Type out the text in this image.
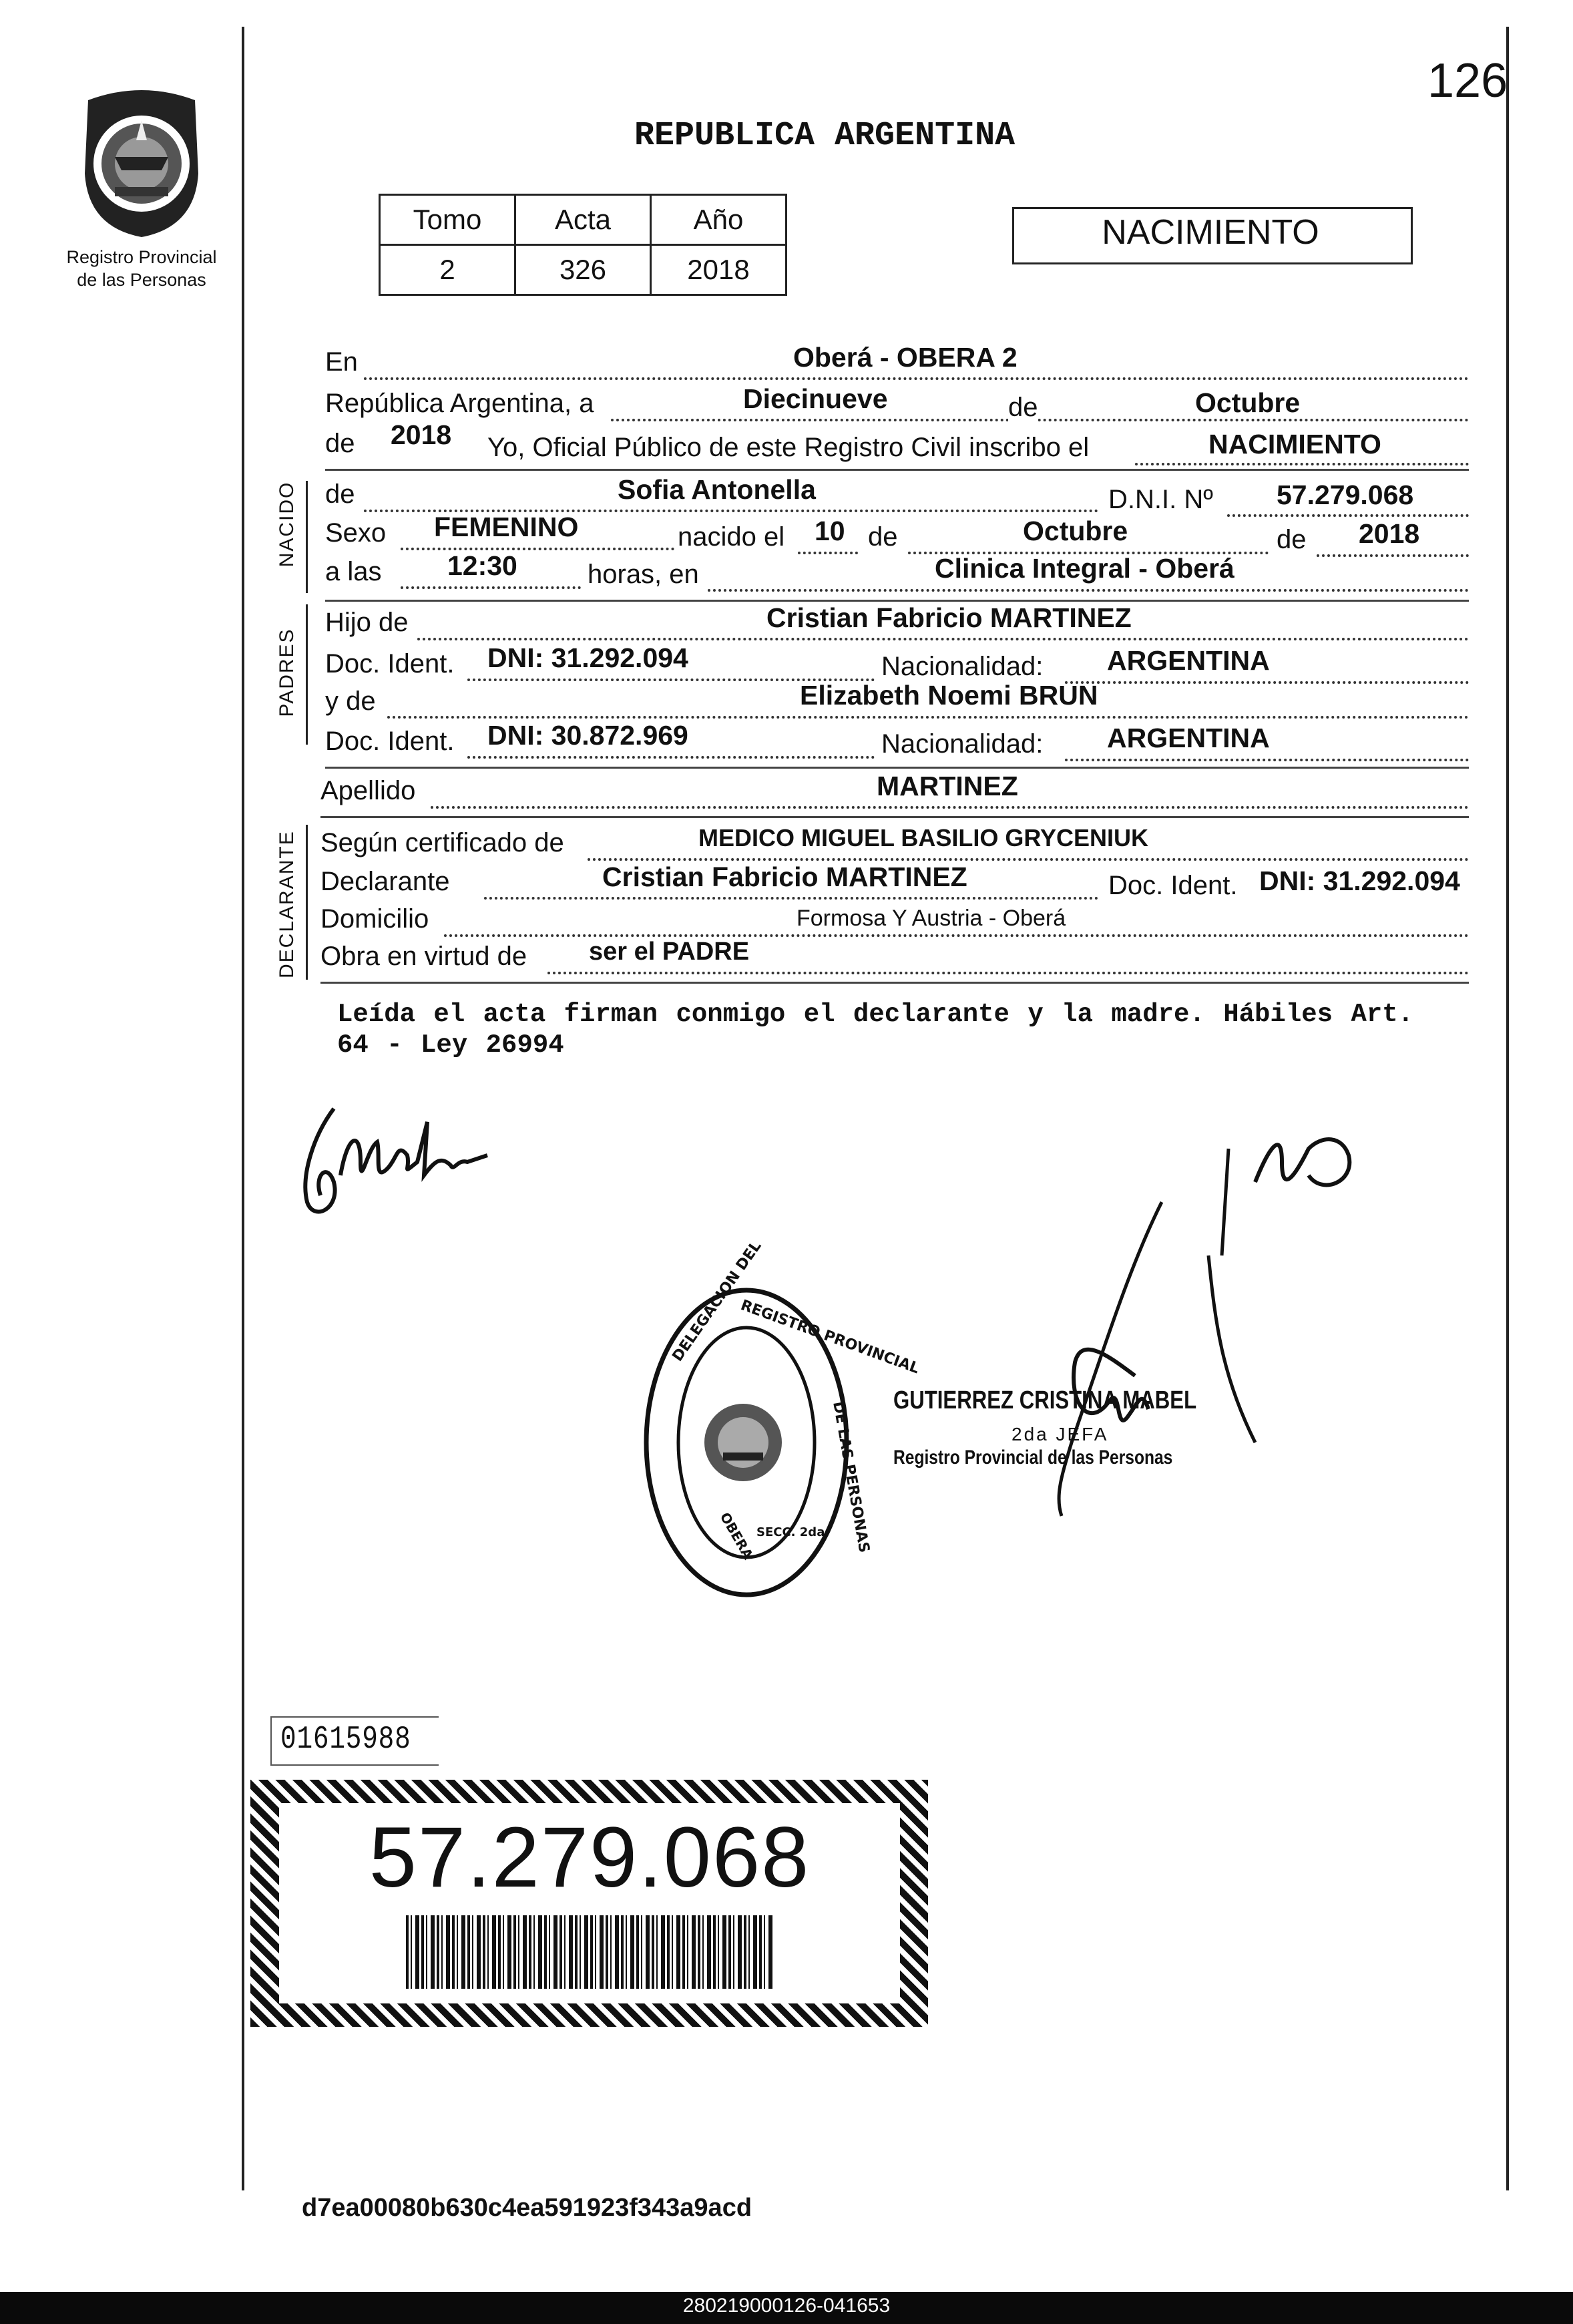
126
Registro Provincial
de las Personas
REPUBLICA ARGENTINA
Tomo	Acta	Año
2	326	2018
NACIMIENTO
En	Oberá - OBERA 2
República Argentina, a	Diecinueve	de	Octubre
de 2018 Yo, Oficial Público de este Registro Civil inscribo el	NACIMIENTO
NACIDO de	Sofia Antonella	D.N.I. Nº 57.279.068
Sexo FEMENINO	nacido el 10 de	Octubre	de 2018
a las 12:30	horas, en	Clinica Integral - Oberá
PADRES
Hijo de	Cristian Fabricio MARTINEZ
Doc. Ident. DNI: 31.292.094	Nacionalidad: ARGENTINA
y de	Elizabeth Noemi BRUN
Doc. Ident. DNI: 30.872.969	Nacionalidad: ARGENTINA
Apellido	MARTINEZ
DECLARANTE Según certificado de	MEDICO MIGUEL BASILIO GRYCENIUK
Declarante	Cristian Fabricio MARTINEZ	Doc. Ident. DNI: 31.292.094
Domicilio	Formosa Y Austria - Oberá
Obra en virtud de ser el PADRE
Leída el acta firman conmigo el declarante y la madre. Hábiles Art. 64 - Ley 26994
DELEGACION DEL
REGISTRO PROVINCIAL
DE LAS PERSONAS
OBERA SECC. 2da.
GUTIERREZ CRISTINA MABEL
2da JEFA
Registro Provincial de las Personas
01615988
57.279.068
d7ea00080b630c4ea591923f343a9acd
280219000126-041653
